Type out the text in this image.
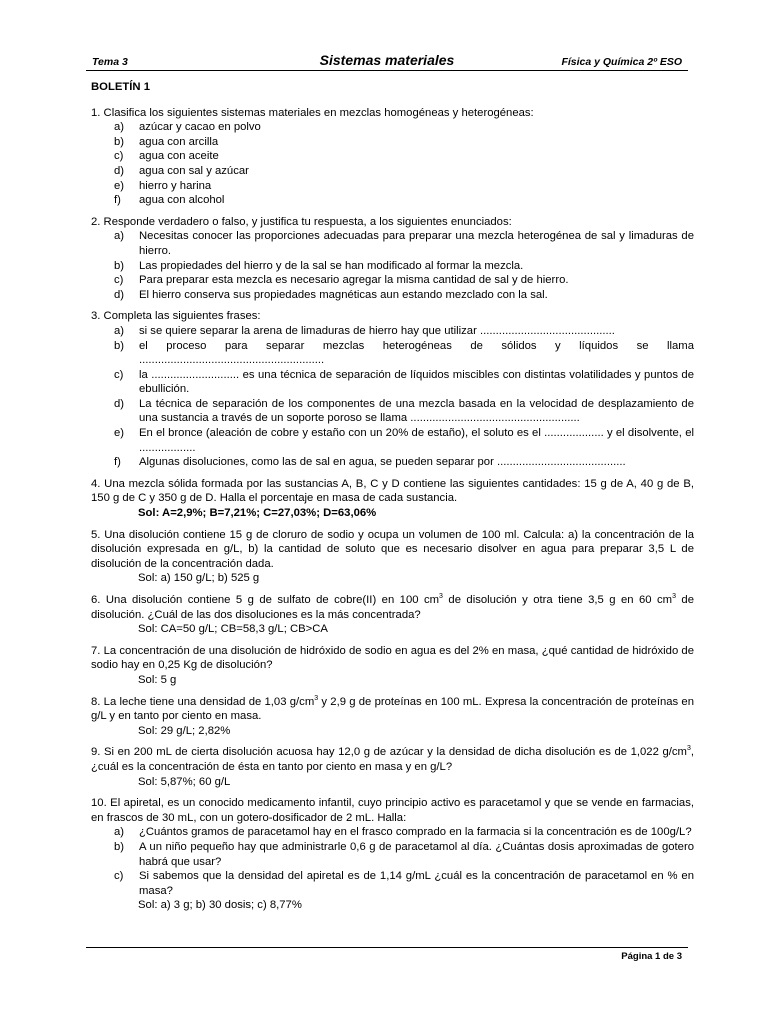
Tema 3	Sistemas materiales	Física y Química 2º ESO

BOLETÍN 1

1. Clasifica los siguientes sistemas materiales en mezclas homogéneas y heterogéneas:

a) azúcar y cacao en polvo
b) agua con arcilla
c) agua con aceite
d) agua con sal y azúcar
e) hierro y harina
f) agua con alcohol

2. Responde verdadero o falso, y justifica tu respuesta, a los siguientes enunciados:

a) Necesitas conocer las proporciones adecuadas para preparar una mezcla heterogénea de sal y limaduras de hierro.
b) Las propiedades del hierro y de la sal se han modificado al formar la mezcla.
c) Para preparar esta mezcla es necesario agregar la misma cantidad de sal y de hierro.
d) El hierro conserva sus propiedades magnéticas aun estando mezclado con la sal.

3. Completa las siguientes frases:

a) si se quiere separar la arena de limaduras de hierro hay que utilizar ...........................................
b) el proceso para separar mezclas heterogéneas de sólidos y líquidos se llama ...........................................................
c) la ............................ es una técnica de separación de líquidos miscibles con distintas volatilidades y puntos de ebullición.
d) La técnica de separación de los componentes de una mezcla basada en la velocidad de desplazamiento de una sustancia a través de un soporte poroso se llama ......................................................
e) En el bronce (aleación de cobre y estaño con un 20% de estaño), el soluto es el ................... y el disolvente, el ..................
f) Algunas disoluciones, como las de sal en agua, se pueden separar por .........................................

4. Una mezcla sólida formada por las sustancias A, B, C y D contiene las siguientes cantidades: 15 g de A, 40 g de B, 150 g de C y 350 g de D. Halla el porcentaje en masa de cada sustancia.

Sol: A=2,9%; B=7,21%; C=27,03%; D=63,06%

5. Una disolución contiene 15 g de cloruro de sodio y ocupa un volumen de 100 ml. Calcula: a) la concentración de la disolución expresada en g/L, b) la cantidad de soluto que es necesario disolver en agua para preparar 3,5 L de disolución de la concentración dada.

Sol: a) 150 g/L; b) 525 g

6. Una disolución contiene 5 g de sulfato de cobre(II) en 100 $cm^3$ de disolución y otra tiene 3,5 g en 60 $cm^3$ de disolución. ¿Cuál de las dos disoluciones es la más concentrada?

Sol: CA=50 g/L; CB=58,3 g/L; CB>CA

7. La concentración de una disolución de hidróxido de sodio en agua es del 2% en masa, ¿qué cantidad de hidróxido de sodio hay en 0,25 Kg de disolución?

Sol: 5 g

8. La leche tiene una densidad de 1,03 $g/cm^3$ y 2,9 g de proteínas en 100 mL. Expresa la concentración de proteínas en g/L y en tanto por ciento en masa.

Sol: 29 g/L; 2,82%

9. Si en 200 mL de cierta disolución acuosa hay 12,0 g de azúcar y la densidad de dicha disolución es de 1,022 $g/cm^3$, ¿cuál es la concentración de ésta en tanto por ciento en masa y en g/L?

Sol: 5,87%; 60 g/L

10. El apiretal, es un conocido medicamento infantil, cuyo principio activo es paracetamol y que se vende en farmacias, en frascos de 30 mL, con un gotero-dosificador de 2 mL. Halla:

a) ¿Cuántos gramos de paracetamol hay en el frasco comprado en la farmacia si la concentración es de 100g/L?
b) A un niño pequeño hay que administrarle 0,6 g de paracetamol al día. ¿Cuántas dosis aproximadas de gotero habrá que usar?
c) Si sabemos que la densidad del apiretal es de 1,14 g/mL ¿cuál es la concentración de paracetamol en % en masa?

Sol: a) 3 g; b) 30 dosis; c) 8,77%

Página 1 de 3
